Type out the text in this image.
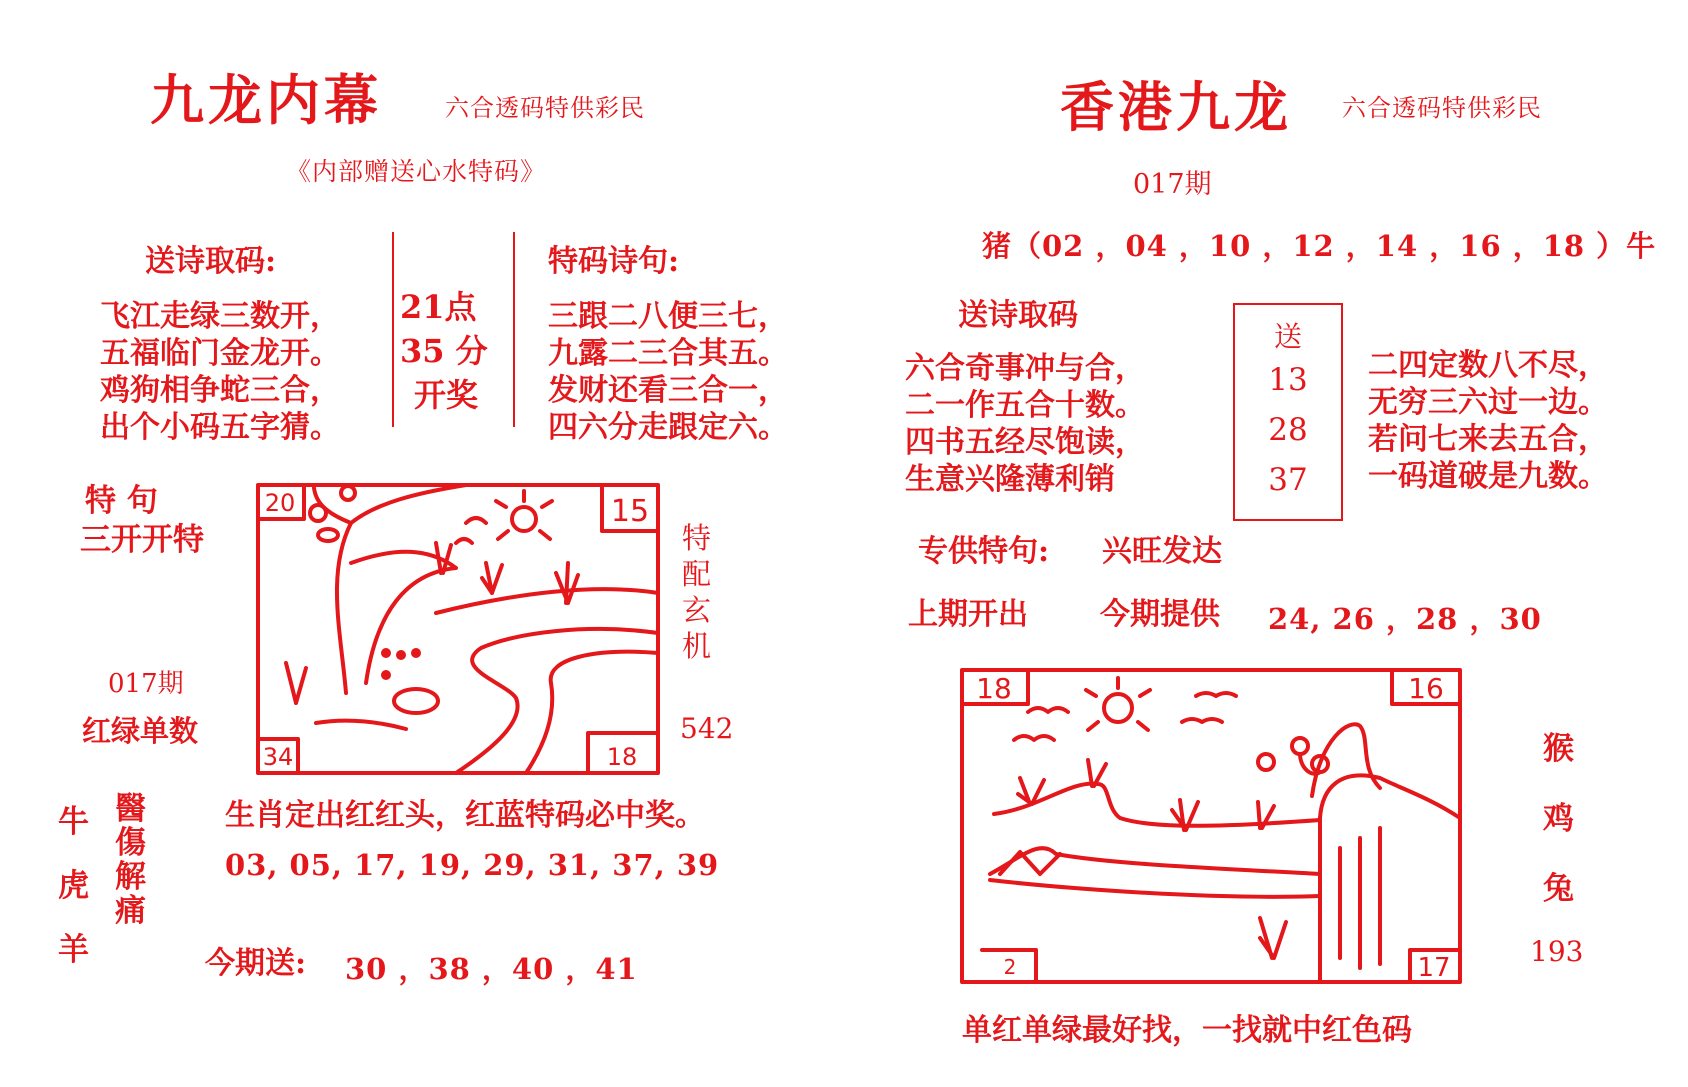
九龙内幕	六合透码特供彩民
《内部赠送心水特码》
送诗取码:
飞江走绿三数开，
五福临门金龙开。
鸡狗相争蛇三合，
出个小码五字猜。
21点
35 分
开奖
特码诗句:
三跟二八便三七，
九露二三合其五。
发财还看三合一，
四六分走跟定六。
特 句
三开开特
017期
红绿单数
20	15
34	18
特
配
玄
机
542
牛
虎
羊
醫
傷
解
痛
生肖定出红红头，红蓝特码必中奖。
03, 05, 17, 19, 29, 31, 37, 39
今期送: 30 ，38 ，40 ，41
香港九龙 六合透码特供彩民
017期
猪（02 ，04 ，10 ，12 ，14 ，16 ，18 ）牛
送诗取码
六合奇事冲与合，
二一作五合十数。
四书五经尽饱读，
生意兴隆薄利销
送
13
28
37
二四定数八不尽，
无穷三六过一边。
若问七来去五合，
一码道破是九数。
专供特句: 兴旺发达
上期开出 今期提供 24, 26 ，28 ，30
18	16
2	17
猴
鸡
兔
193
单红单绿最好找，一找就中红色码
